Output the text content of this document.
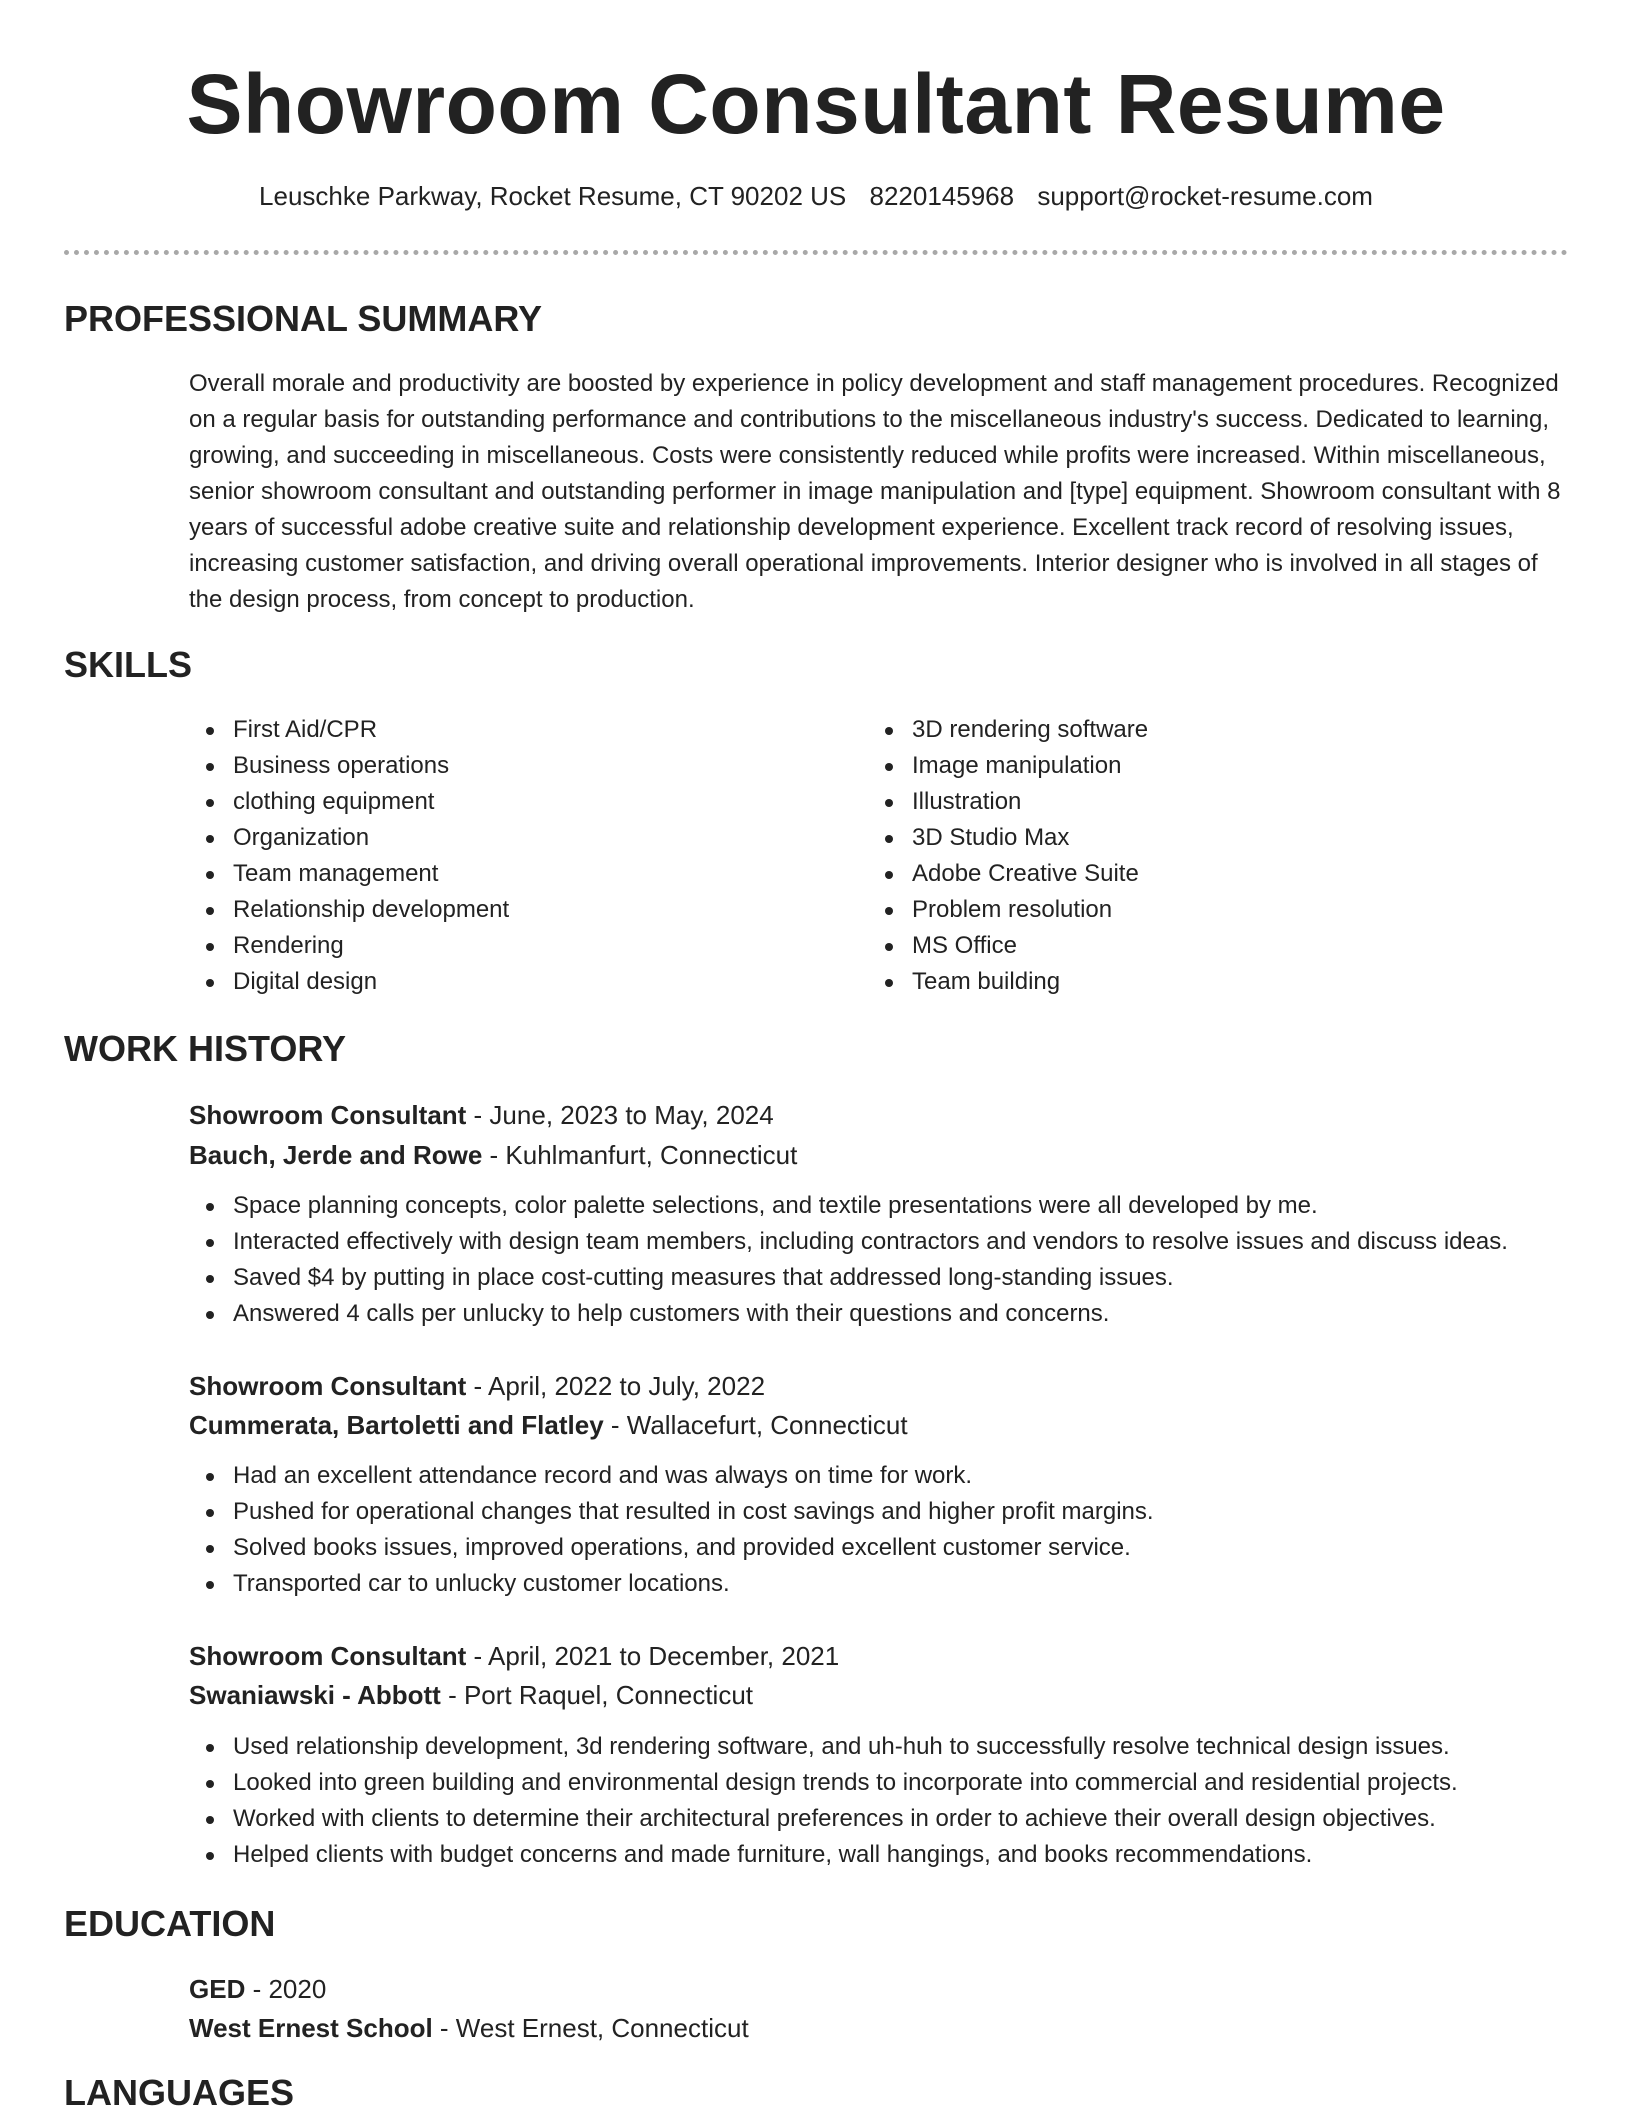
Showroom Consultant Resume
Leuschke Parkway, Rocket Resume, CT 90202 US 8220145968 support@rocket-resume.com
PROFESSIONAL SUMMARY

Overall morale and productivity are boosted by experience in policy development and staff management procedures. Recognized on a regular basis for outstanding performance and contributions to the miscellaneous industry's success. Dedicated to learning, growing, and succeeding in miscellaneous. Costs were consistently reduced while profits were increased. Within miscellaneous, senior showroom consultant and outstanding performer in image manipulation and [type] equipment. Showroom consultant with 8 years of successful adobe creative suite and relationship development experience. Excellent track record of resolving issues, increasing customer satisfaction, and driving overall operational improvements. Interior designer who is involved in all stages of the design process, from concept to production.

SKILLS
First Aid/CPR
Business operations
clothing equipment
Organization
Team management
Relationship development
Rendering
Digital design
3D rendering software
Image manipulation
Illustration
3D Studio Max
Adobe Creative Suite
Problem resolution
MS Office
Team building
WORK HISTORY
Showroom Consultant - June, 2023 to May, 2024
Bauch, Jerde and Rowe - Kuhlmanfurt, Connecticut
Space planning concepts, color palette selections, and textile presentations were all developed by me.
Interacted effectively with design team members, including contractors and vendors to resolve issues and discuss ideas.
Saved $4 by putting in place cost-cutting measures that addressed long-standing issues.
Answered 4 calls per unlucky to help customers with their questions and concerns.
Showroom Consultant - April, 2022 to July, 2022
Cummerata, Bartoletti and Flatley - Wallacefurt, Connecticut
Had an excellent attendance record and was always on time for work.
Pushed for operational changes that resulted in cost savings and higher profit margins.
Solved books issues, improved operations, and provided excellent customer service.
Transported car to unlucky customer locations.
Showroom Consultant - April, 2021 to December, 2021
Swaniawski - Abbott - Port Raquel, Connecticut
Used relationship development, 3d rendering software, and uh-huh to successfully resolve technical design issues.
Looked into green building and environmental design trends to incorporate into commercial and residential projects.
Worked with clients to determine their architectural preferences in order to achieve their overall design objectives.
Helped clients with budget concerns and made furniture, wall hangings, and books recommendations.
EDUCATION
GED - 2020
West Ernest School - West Ernest, Connecticut
LANGUAGES
